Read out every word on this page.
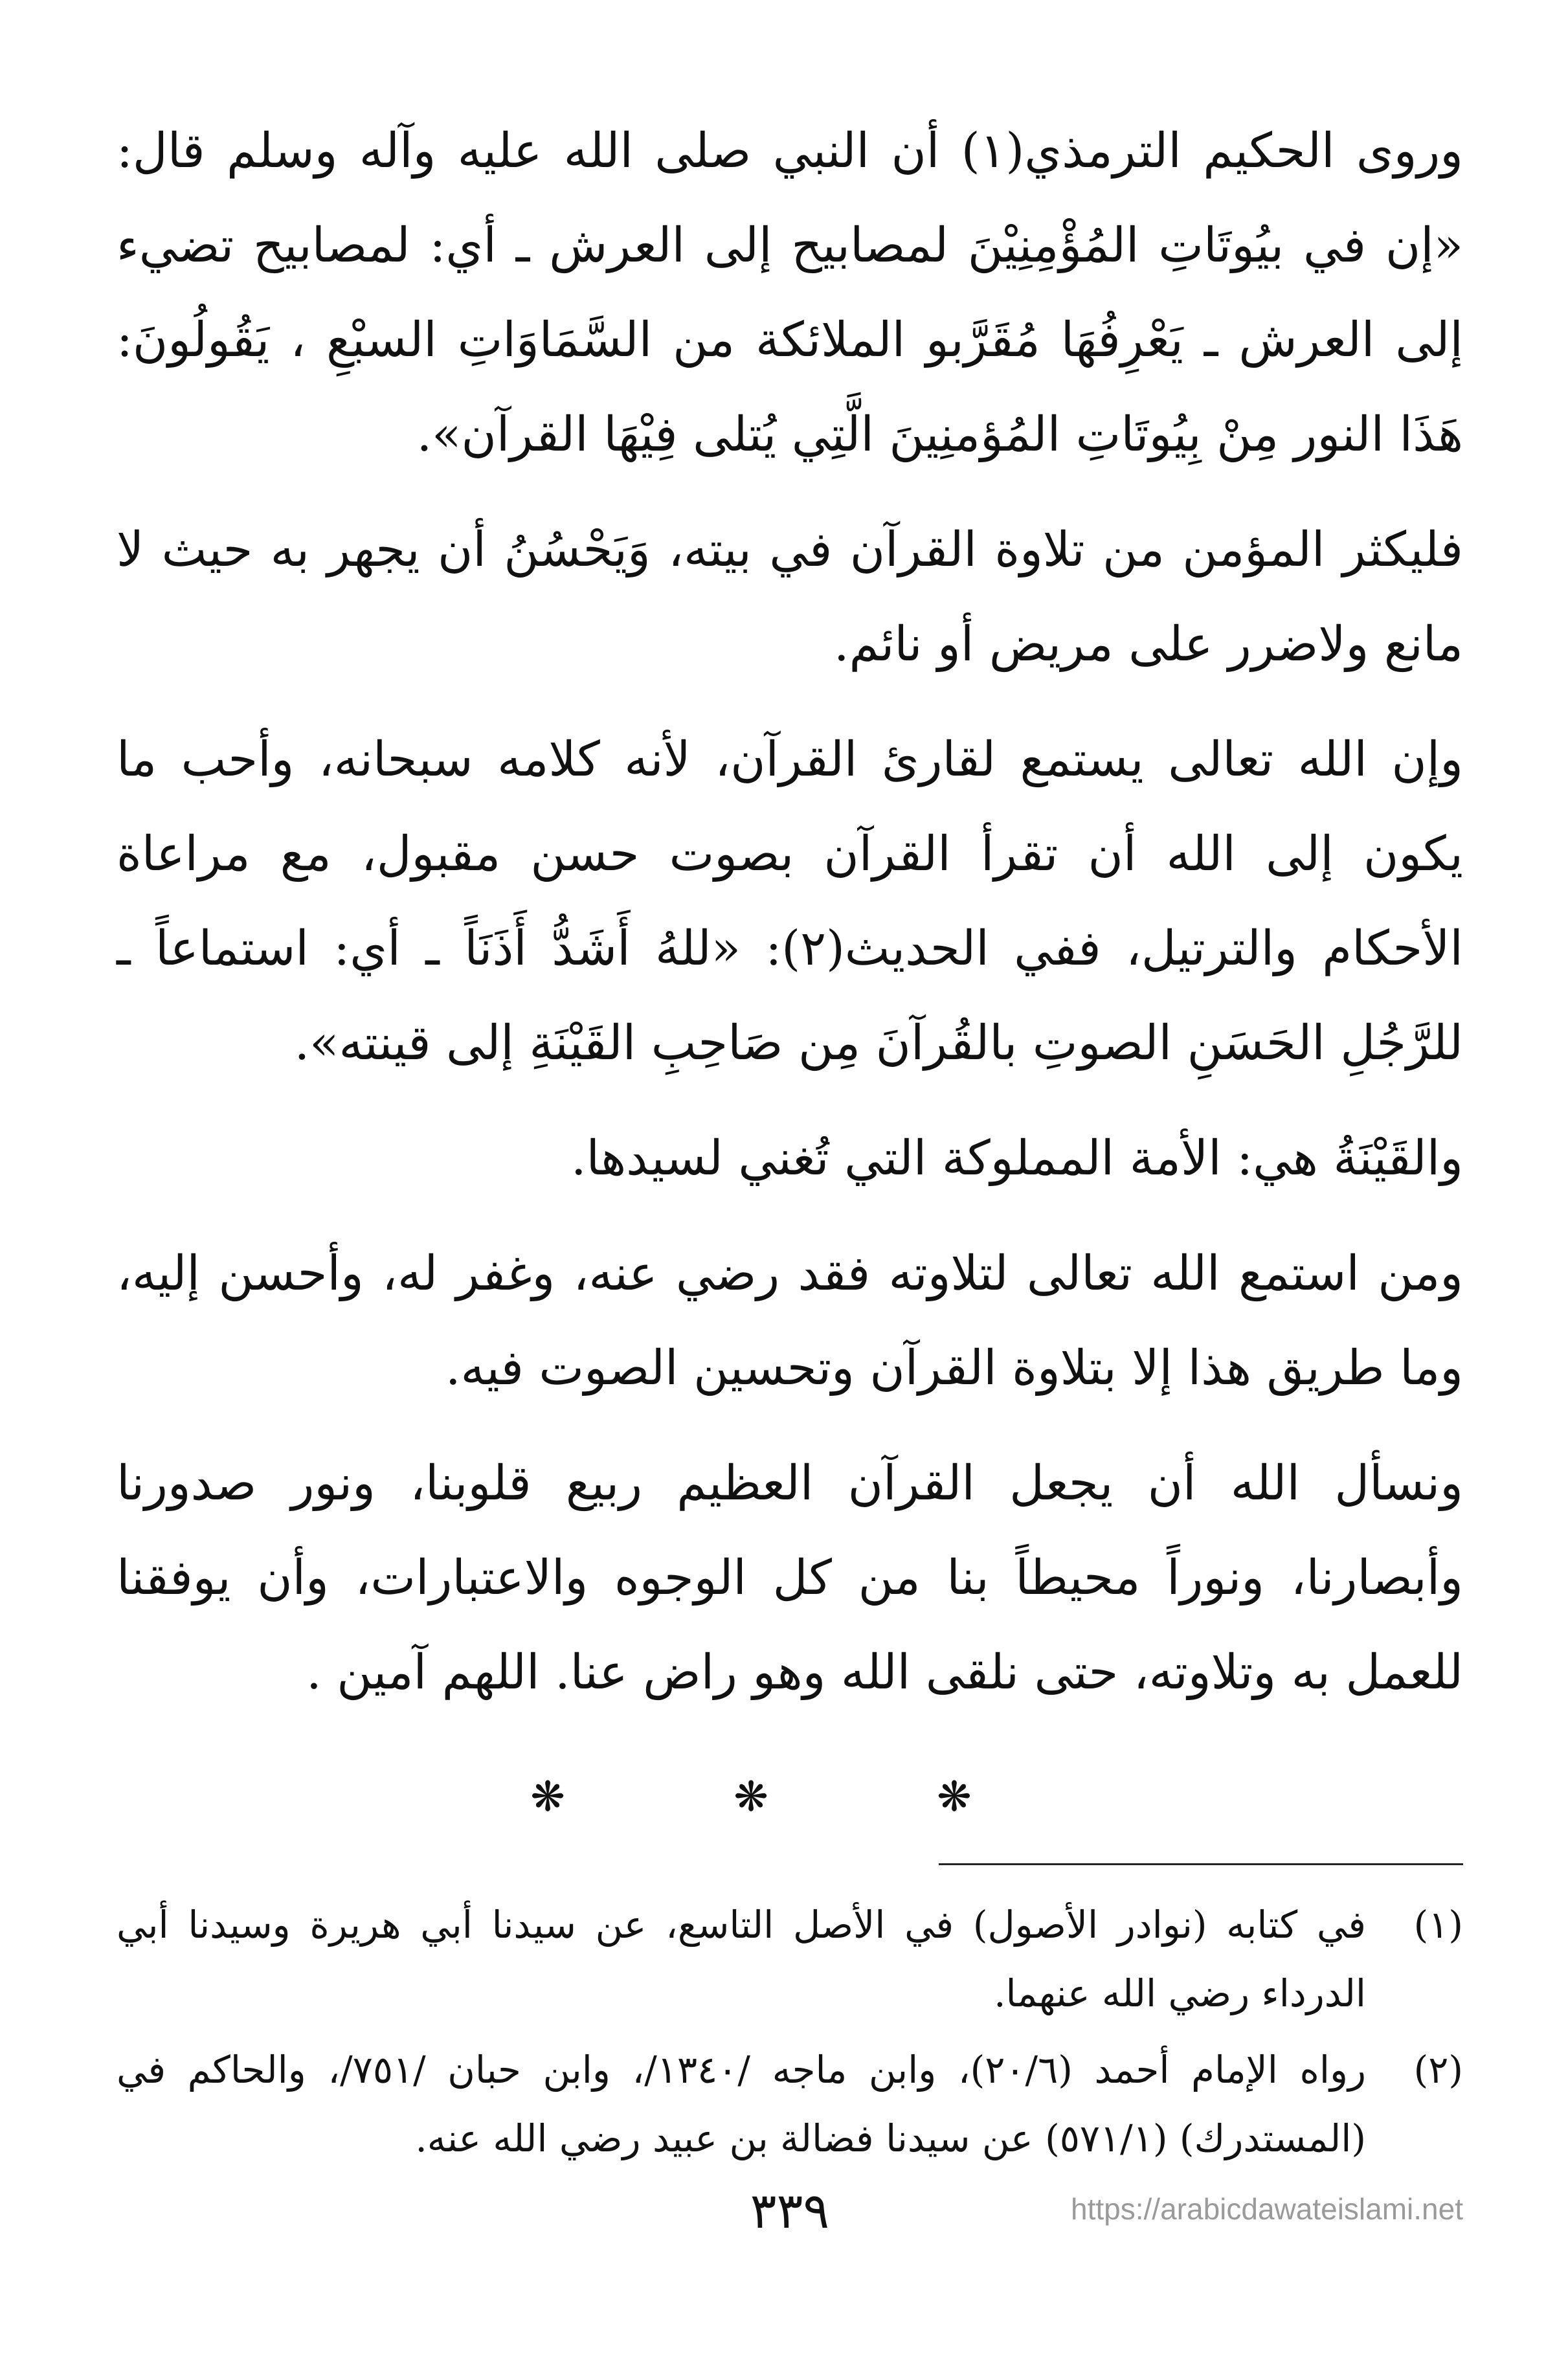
وروى الحكيم الترمذي(١) أن النبي صلى الله عليه وآله وسلم قال: «إن في بيُوتَاتِ المُؤْمِنِيْنَ لمصابيح إلى العرش ـ أي: لمصابيح تضيء إلى العرش ـ يَعْرِفُهَا مُقَرَّبو الملائكة من السَّمَاوَاتِ السبْعِ ، يَقُولُونَ: هَذَا النور مِنْ بِيُوتَاتِ المُؤمنِينَ الَّتِي يُتلى فِيْهَا القرآن».

فليكثر المؤمن من تلاوة القرآن في بيته، وَيَحْسُنُ أن يجهر به حيث لا مانع ولاضرر على مريض أو نائم.

وإن الله تعالى يستمع لقارئ القرآن، لأنه كلامه سبحانه، وأحب ما يكون إلى الله أن تقرأ القرآن بصوت حسن مقبول، مع مراعاة الأحكام والترتيل، ففي الحديث(٢): «للهُ أَشَدُّ أَذَنَاً ـ أي: استماعاً ـ للرَّجُلِ الحَسَنِ الصوتِ بالقُرآنَ مِن صَاحِبِ القَيْنَةِ إلى قينته».

والقَيْنَةُ هي: الأمة المملوكة التي تُغني لسيدها.

ومن استمع الله تعالى لتلاوته فقد رضي عنه، وغفر له، وأحسن إليه، وما طريق هذا إلا بتلاوة القرآن وتحسين الصوت فيه.

ونسأل الله أن يجعل القرآن العظيم ربيع قلوبنا، ونور صدورنا وأبصارنا، ونوراً محيطاً بنا من كل الوجوه والاعتبارات، وأن يوفقنا للعمل به وتلاوته، حتى نلقى الله وهو راض عنا. اللهم آمين .

❋ ❋ ❋
(١)
في كتابه (نوادر الأصول) في الأصل التاسع، عن سيدنا أبي هريرة وسيدنا أبي الدرداء رضي الله عنهما.
(٢)
رواه الإمام أحمد (٢٠/٦)، وابن ماجه /١٣٤٠/، وابن حبان /٧٥١/، والحاكم في (المستدرك) (٥٧١/١) عن سيدنا فضالة بن عبيد رضي الله عنه.
٣٣٩	https://arabicdawateislami.net
